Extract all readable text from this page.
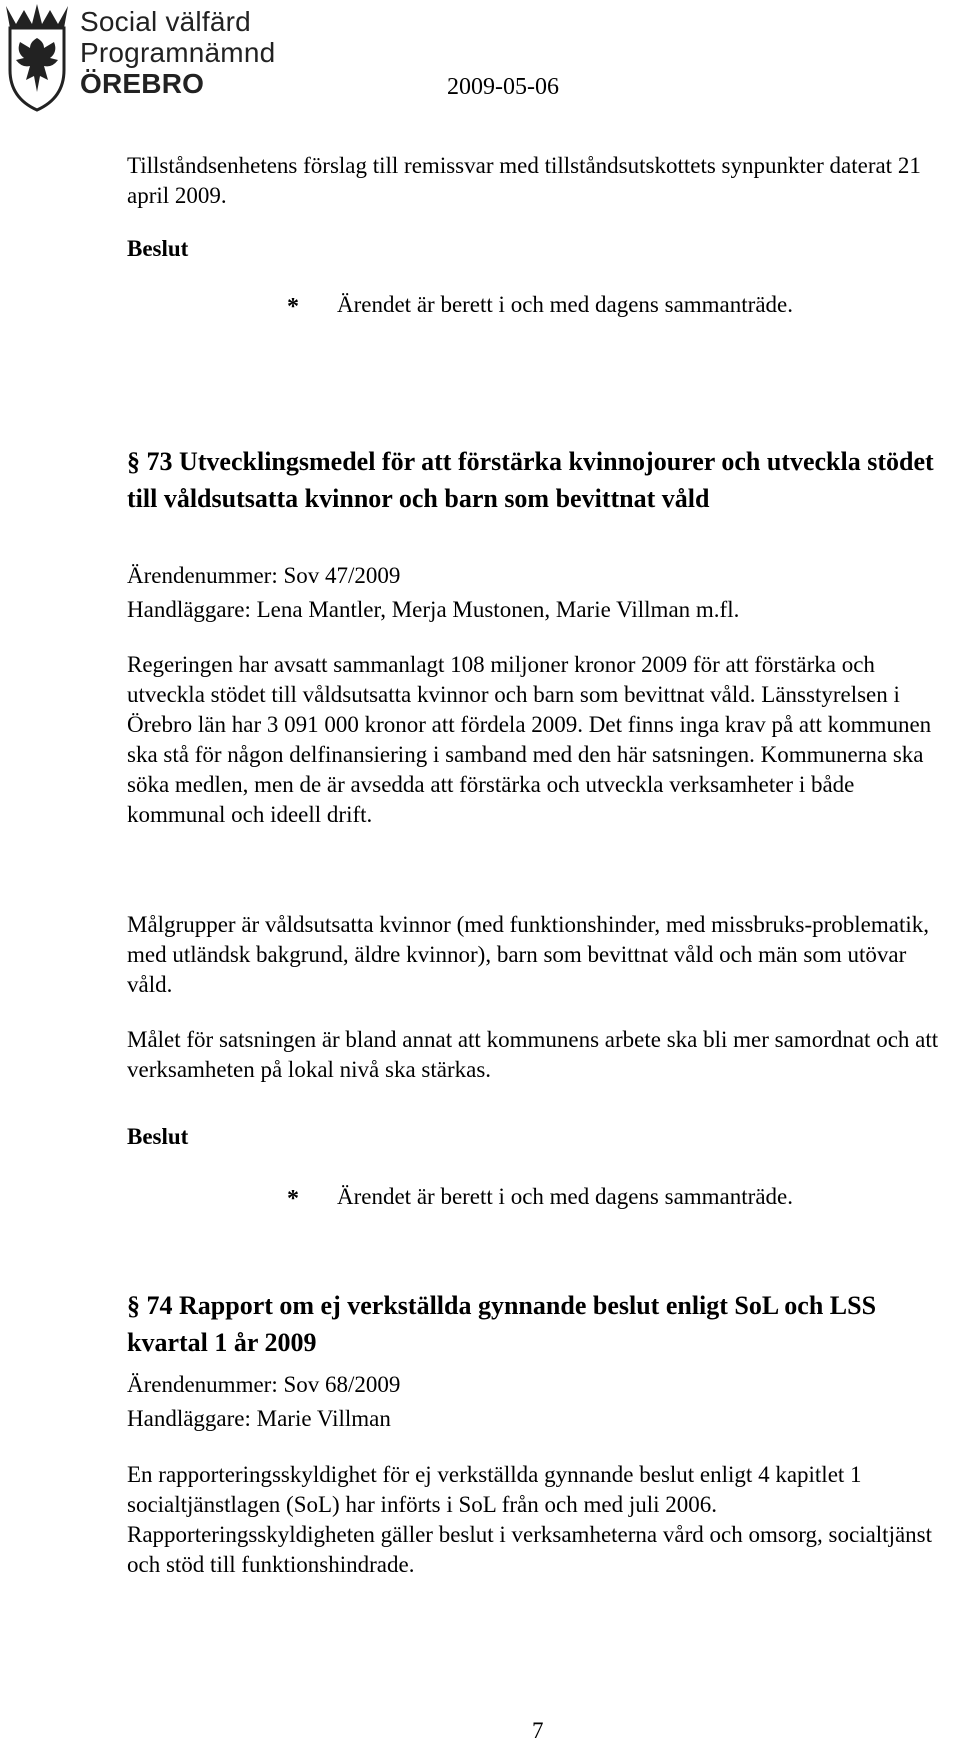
Social välfärd
Programnämnd
ÖREBRO	2009-05-06

Tillståndsenhetens förslag till remissvar med tillståndsutskottets synpunkter daterat 21 april 2009.

Beslut
* Ärendet är berett i och med dagens sammanträde.

§ 73 Utvecklingsmedel för att förstärka kvinnojourer och utveckla stödet till våldsutsatta kvinnor och barn som bevittnat våld

Ärendenummer: Sov 47/2009
Handläggare: Lena Mantler, Merja Mustonen, Marie Villman m.fl.

Regeringen har avsatt sammanlagt 108 miljoner kronor 2009 för att förstärka och utveckla stödet till våldsutsatta kvinnor och barn som bevittnat våld. Länsstyrelsen i Örebro län har 3 091 000 kronor att fördela 2009. Det finns inga krav på att kommunen ska stå för någon delfinansiering i samband med den här satsningen. Kommunerna ska söka medlen, men de är avsedda att förstärka och utveckla verksamheter i både kommunal och ideell drift.

Målgrupper är våldsutsatta kvinnor (med funktionshinder, med missbruks-problematik, med utländsk bakgrund, äldre kvinnor), barn som bevittnat våld och män som utövar våld.

Målet för satsningen är bland annat att kommunens arbete ska bli mer samordnat och att verksamheten på lokal nivå ska stärkas.

Beslut
* Ärendet är berett i och med dagens sammanträde.

§ 74 Rapport om ej verkställda gynnande beslut enligt SoL och LSS kvartal 1 år 2009

Ärendenummer: Sov 68/2009
Handläggare: Marie Villman

En rapporteringsskyldighet för ej verkställda gynnande beslut enligt 4 kapitlet 1 socialtjänstlagen (SoL) har införts i SoL från och med juli 2006. Rapporteringsskyldigheten gäller beslut i verksamheterna vård och omsorg, socialtjänst och stöd till funktionshindrade.

7
